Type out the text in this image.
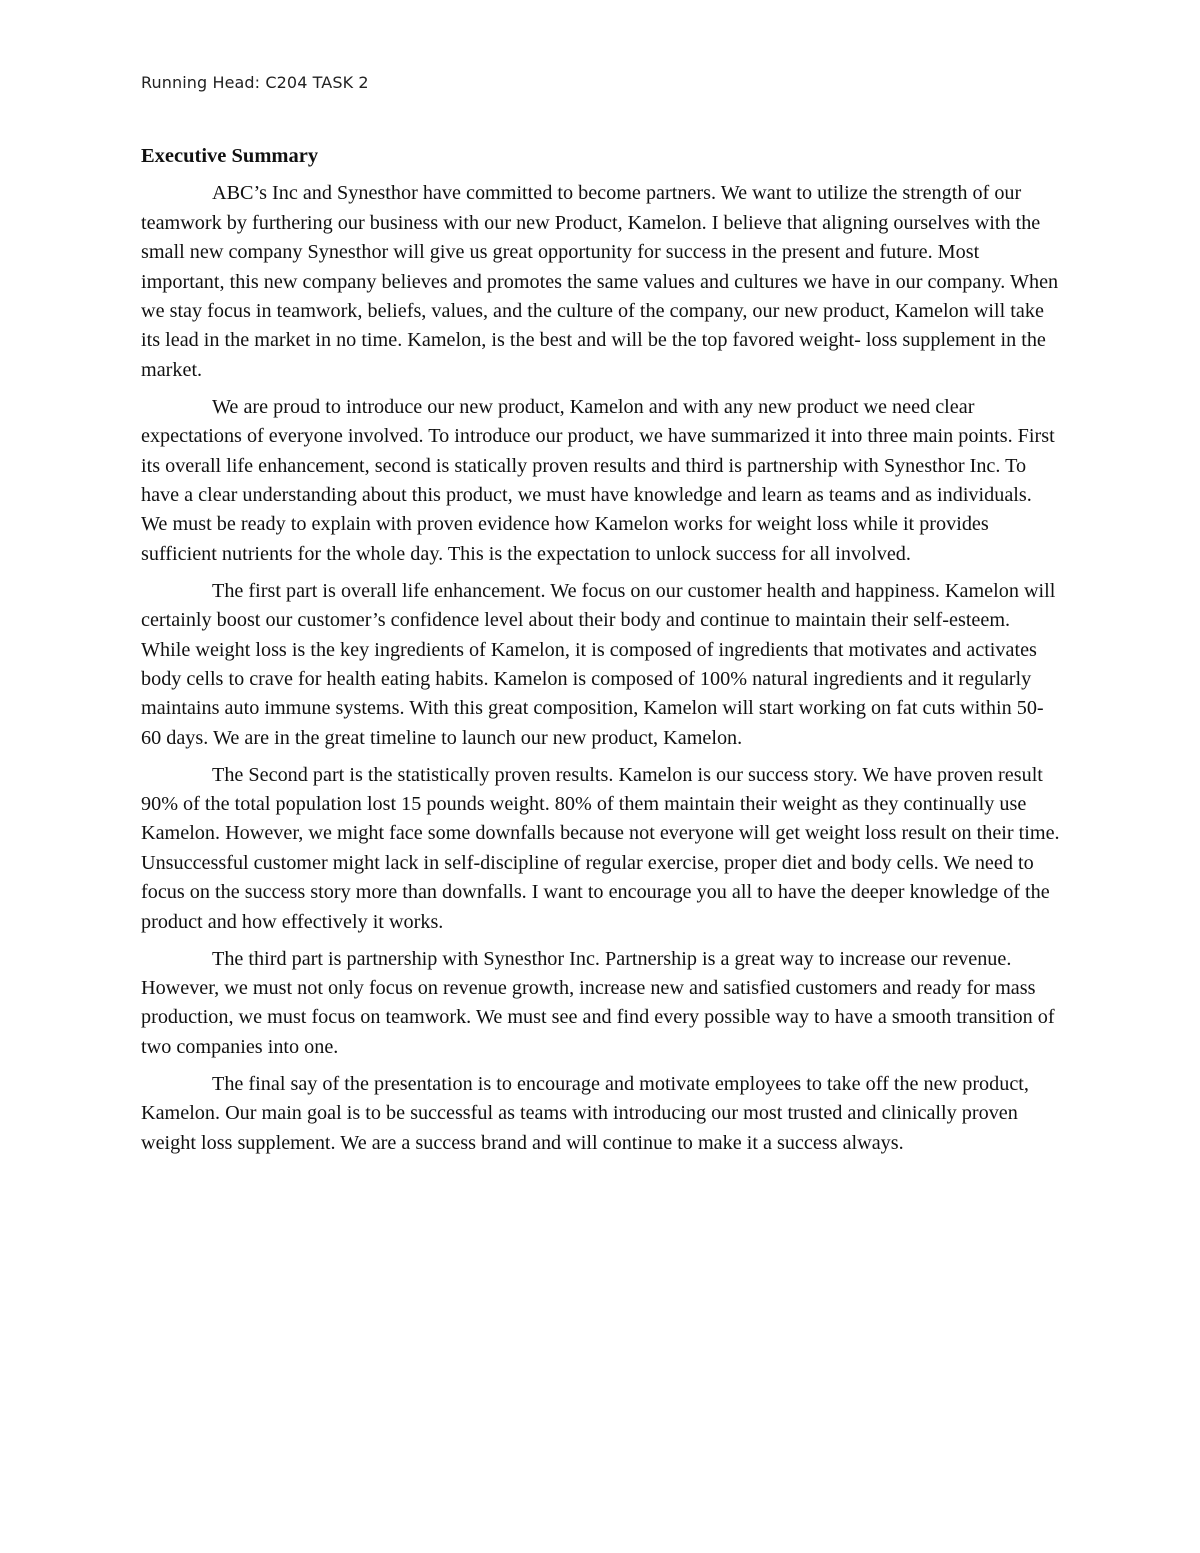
Running Head: C204 TASK 2

Executive Summary

ABC’s Inc and Synesthor have committed to become partners. We want to utilize the strength of our teamwork by furthering our business with our new Product, Kamelon. I believe that aligning ourselves with the small new company Synesthor will give us great opportunity for success in the present and future. Most important, this new company believes and promotes the same values and cultures we have in our company. When we stay focus in teamwork, beliefs, values, and the culture of the company, our new product, Kamelon will take its lead in the market in no time. Kamelon, is the best and will be the top favored weight- loss supplement in the market.

We are proud to introduce our new product, Kamelon and with any new product we need clear expectations of everyone involved. To introduce our product, we have summarized it into three main points. First its overall life enhancement, second is statically proven results and third is partnership with Synesthor Inc. To have a clear understanding about this product, we must have knowledge and learn as teams and as individuals. We must be ready to explain with proven evidence how Kamelon works for weight loss while it provides sufficient nutrients for the whole day. This is the expectation to unlock success for all involved.

The first part is overall life enhancement. We focus on our customer health and happiness. Kamelon will certainly boost our customer’s confidence level about their body and continue to maintain their self-esteem. While weight loss is the key ingredients of Kamelon, it is composed of ingredients that motivates and activates body cells to crave for health eating habits. Kamelon is composed of 100% natural ingredients and it regularly maintains auto immune systems. With this great composition, Kamelon will start working on fat cuts within 50-60 days. We are in the great timeline to launch our new product, Kamelon.

The Second part is the statistically proven results. Kamelon is our success story. We have proven result 90% of the total population lost 15 pounds weight. 80% of them maintain their weight as they continually use Kamelon. However, we might face some downfalls because not everyone will get weight loss result on their time. Unsuccessful customer might lack in self-discipline of regular exercise, proper diet and body cells. We need to focus on the success story more than downfalls. I want to encourage you all to have the deeper knowledge of the product and how effectively it works.

The third part is partnership with Synesthor Inc. Partnership is a great way to increase our revenue. However, we must not only focus on revenue growth, increase new and satisfied customers and ready for mass production, we must focus on teamwork. We must see and find every possible way to have a smooth transition of two companies into one.

The final say of the presentation is to encourage and motivate employees to take off the new product, Kamelon. Our main goal is to be successful as teams with introducing our most trusted and clinically proven weight loss supplement. We are a success brand and will continue to make it a success always.
